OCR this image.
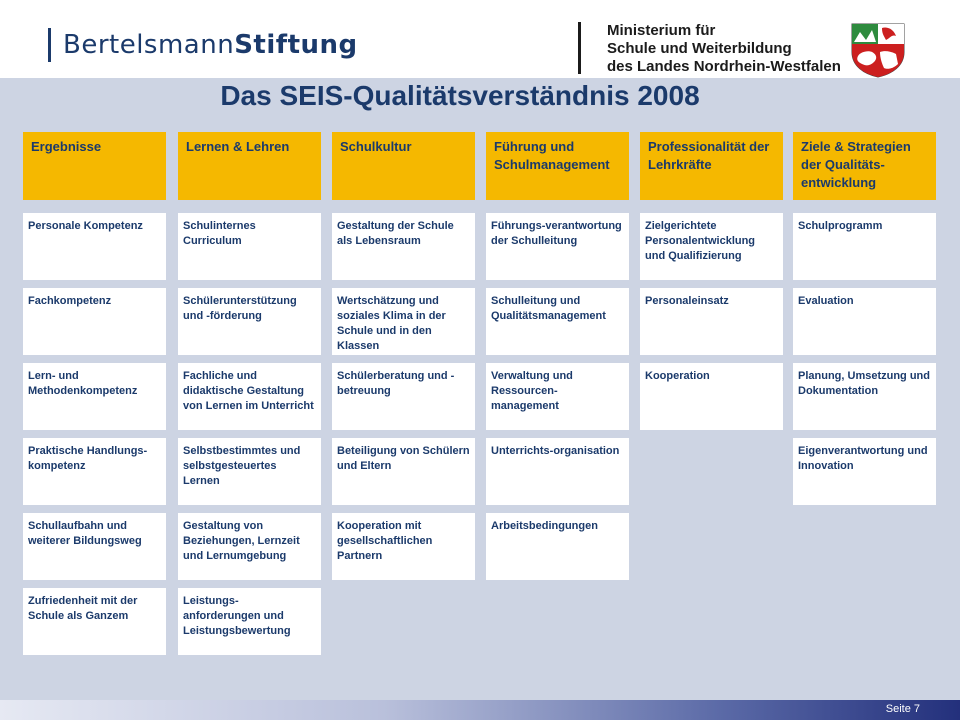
BertelsmannStiftung	Ministerium für
Schule und Weiterbildung
des Landes Nordrhein-Westfalen
Das SEIS-Qualitätsverständnis 2008
Ergebnisse
Personale Kompetenz
Fachkompetenz
Lern- und Methodenkompetenz
Praktische Handlungs-kompetenz
Schullaufbahn und weiterer Bildungsweg
Zufriedenheit mit der Schule als Ganzem
Lernen & Lehren
Schulinternes Curriculum
Schülerunterstützung und -förderung
Fachliche und didaktische Gestaltung von Lernen im Unterricht
Selbstbestimmtes und selbstgesteuertes Lernen
Gestaltung von Beziehungen, Lernzeit und Lernumgebung
Leistungs-anforderungen und Leistungsbewertung
Schulkultur
Gestaltung der Schule als Lebensraum
Wertschätzung und soziales Klima in der Schule und in den Klassen
Schülerberatung und -betreuung
Beteiligung von Schülern und Eltern
Kooperation mit gesellschaftlichen Partnern
Führung und Schulmanagement
Führungs-verantwortung der Schulleitung
Schulleitung und Qualitätsmanagement
Verwaltung und Ressourcen-management
Unterrichts-organisation
Arbeitsbedingungen
Professionalität der Lehrkräfte
Zielgerichtete Personalentwicklung und Qualifizierung
Personaleinsatz
Kooperation
Ziele & Strategien der Qualitäts-entwicklung
Schulprogramm
Evaluation
Planung, Umsetzung und Dokumentation
Eigenverantwortung und Innovation
Seite 7
